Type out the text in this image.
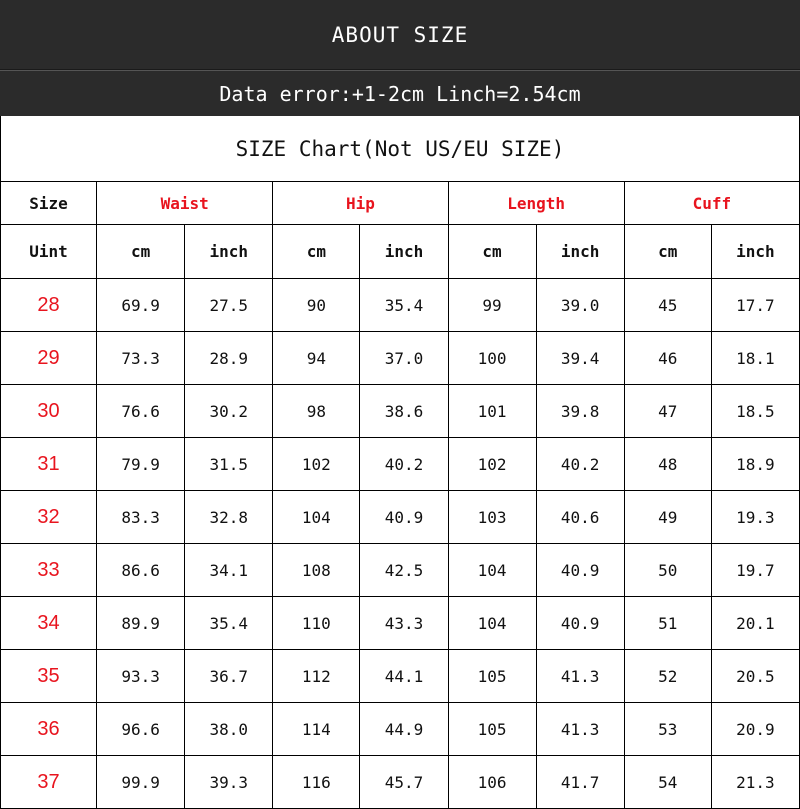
ABOUT SIZE
Data error:+1-2cm Linch=2.54cm
SIZE Chart(Not US/EU SIZE)
Size	Waist		Hip		Length		Cuff	
Uint	cm	inch	cm	inch	cm	inch	cm	inch
28	69.9	27.5	90	35.4	99	39.0	45	17.7
29	73.3	28.9	94	37.0	100	39.4	46	18.1
30	76.6	30.2	98	38.6	101	39.8	47	18.5
31	79.9	31.5	102	40.2	102	40.2	48	18.9
32	83.3	32.8	104	40.9	103	40.6	49	19.3
33	86.6	34.1	108	42.5	104	40.9	50	19.7
34	89.9	35.4	110	43.3	104	40.9	51	20.1
35	93.3	36.7	112	44.1	105	41.3	52	20.5
36	96.6	38.0	114	44.9	105	41.3	53	20.9
37	99.9	39.3	116	45.7	106	41.7	54	21.3
